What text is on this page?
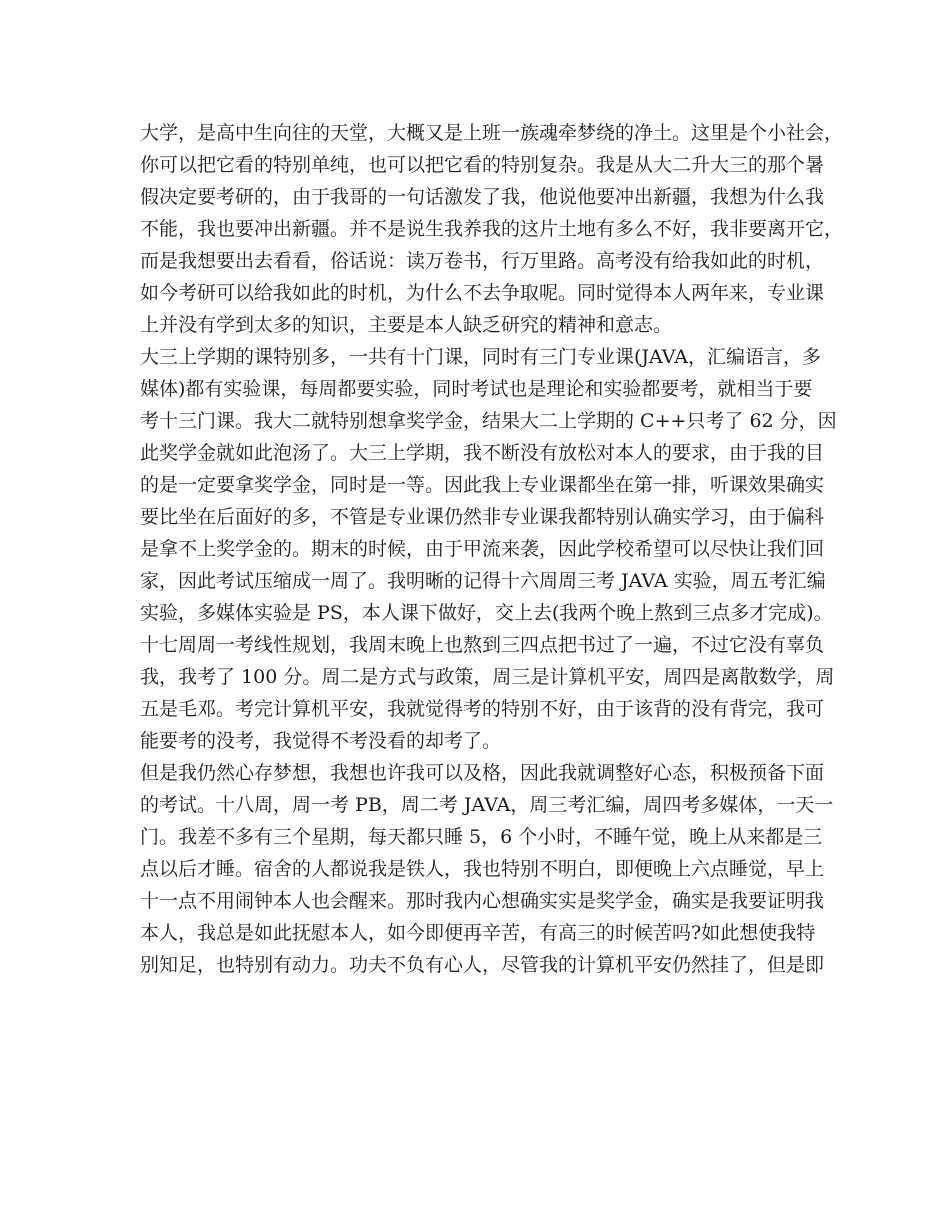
大学，是高中生向往的天堂，大概又是上班一族魂牵梦绕的净土。这里是个小社会，
你可以把它看的特别单纯，也可以把它看的特别复杂。我是从大二升大三的那个暑
假决定要考研的，由于我哥的一句话激发了我，他说他要冲出新疆，我想为什么我
不能，我也要冲出新疆。并不是说生我养我的这片土地有多么不好，我非要离开它，
而是我想要出去看看，俗话说：读万卷书，行万里路。高考没有给我如此的时机，
如今考研可以给我如此的时机，为什么不去争取呢。同时觉得本人两年来，专业课
上并没有学到太多的知识，主要是本人缺乏研究的精神和意志。
大三上学期的课特别多，一共有十门课，同时有三门专业课(JAVA，汇编语言，多
媒体)都有实验课，每周都要实验，同时考试也是理论和实验都要考，就相当于要
考十三门课。我大二就特别想拿奖学金，结果大二上学期的 C++只考了 62 分，因
此奖学金就如此泡汤了。大三上学期，我不断没有放松对本人的要求，由于我的目
的是一定要拿奖学金，同时是一等。因此我上专业课都坐在第一排，听课效果确实
要比坐在后面好的多，不管是专业课仍然非专业课我都特别认确实学习，由于偏科
是拿不上奖学金的。期末的时候，由于甲流来袭，因此学校希望可以尽快让我们回
家，因此考试压缩成一周了。我明晰的记得十六周周三考 JAVA 实验，周五考汇编
实验，多媒体实验是 PS，本人课下做好，交上去(我两个晚上熬到三点多才完成)。
十七周周一考线性规划，我周末晚上也熬到三四点把书过了一遍，不过它没有辜负
我，我考了 100 分。周二是方式与政策，周三是计算机平安，周四是离散数学，周
五是毛邓。考完计算机平安，我就觉得考的特别不好，由于该背的没有背完，我可
能要考的没考，我觉得不考没看的却考了。
但是我仍然心存梦想，我想也许我可以及格，因此我就调整好心态，积极预备下面
的考试。十八周，周一考 PB，周二考 JAVA，周三考汇编，周四考多媒体，一天一
门。我差不多有三个星期，每天都只睡 5，6 个小时，不睡午觉，晚上从来都是三
点以后才睡。宿舍的人都说我是铁人，我也特别不明白，即便晚上六点睡觉，早上
十一点不用闹钟本人也会醒来。那时我内心想确实实是奖学金，确实是我要证明我
本人，我总是如此抚慰本人，如今即便再辛苦，有高三的时候苦吗?如此想使我特
别知足，也特别有动力。功夫不负有心人，尽管我的计算机平安仍然挂了，但是即
